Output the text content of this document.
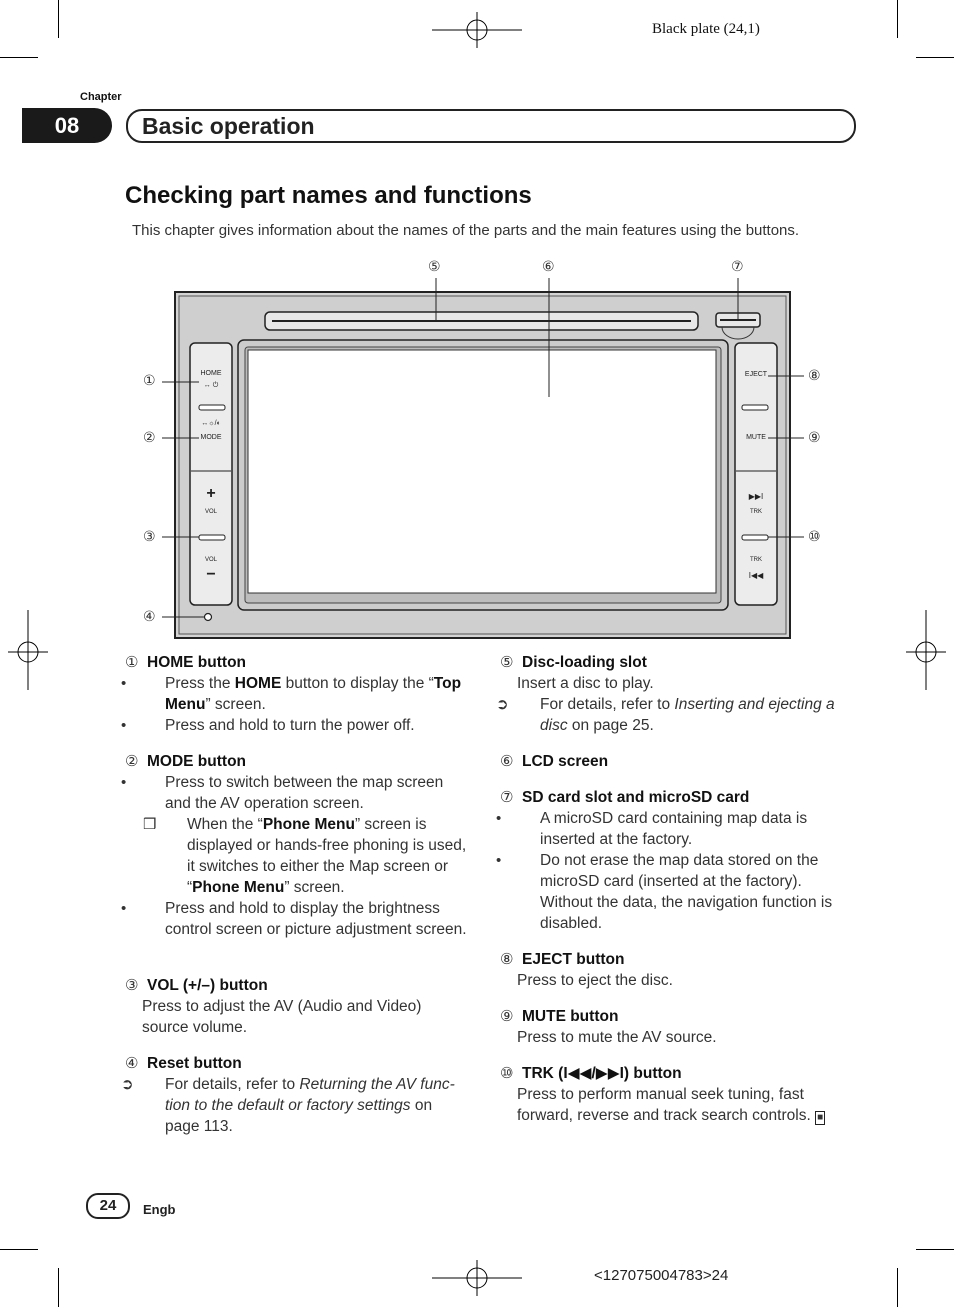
Black plate (24,1)
Chapter
08	Basic operation
Checking part names and functions
This chapter gives information about the names of the parts and the main features using the buttons.
①
②
③
④
⑤	⑥	⑦
⑧
⑨
⑩
HOME
↔ ⏻
↔☼/◐
MODE
+
VOL
VOL
−
EJECT
MUTE
▶▶I
TRK
TRK
I◀◀
① HOME button
• Press the HOME button to display the “Top Menu” screen.
• Press and hold to turn the power off.
② MODE button
• Press to switch between the map screen and the AV operation screen.
❒ When the “Phone Menu” screen is displayed or hands-free phoning is used, it switches to either the Map screen or “Phone Menu” screen.
• Press and hold to display the brightness control screen or picture adjustment screen.
③ VOL (+/–) button
Press to adjust the AV (Audio and Video) source volume.
④ Reset button
➲ For details, refer to Returning the AV function to the default or factory settings on page 113.
⑤ Disc-loading slot
Insert a disc to play.
➲ For details, refer to Inserting and ejecting a disc on page 25.
⑥ LCD screen
⑦ SD card slot and microSD card
• A microSD card containing map data is inserted at the factory.
• Do not erase the map data stored on the microSD card (inserted at the factory). Without the data, the navigation function is disabled.
⑧ EJECT button
Press to eject the disc.
⑨ MUTE button
Press to mute the AV source.
⑩ TRK (I◀◀/▶▶I) button
Press to perform manual seek tuning, fast forward, reverse and track search controls. ■
24	Engb
<127075004783>24
